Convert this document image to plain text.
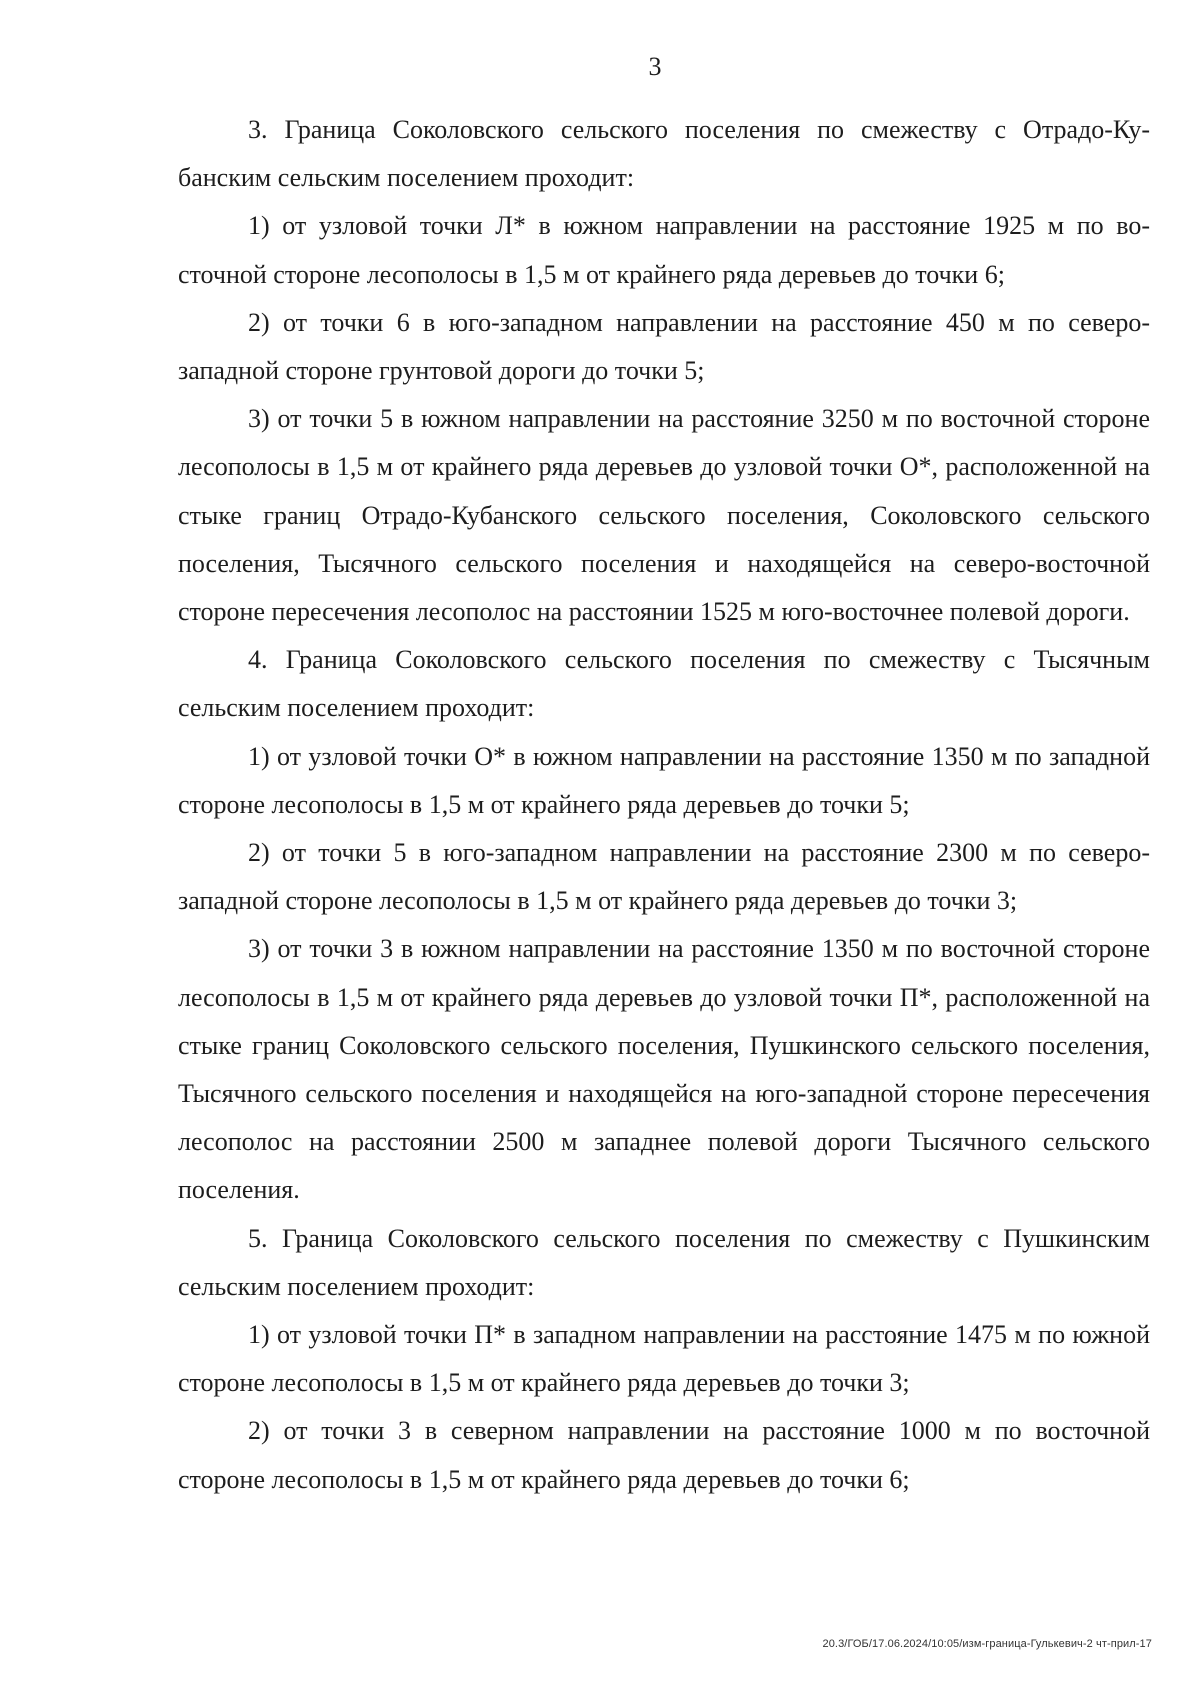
3

3. Граница Соколовского сельского поселения по смежеству с Отрадо-Кубанским сельским поселением проходит:

1) от узловой точки Л* в южном направлении на расстояние 1925 м по восточной стороне лесополосы в 1,5 м от крайнего ряда деревьев до точки 6;

2) от точки 6 в юго-западном направлении на расстояние 450 м по северо-западной стороне грунтовой дороги до точки 5;

3) от точки 5 в южном направлении на расстояние 3250 м по восточной стороне лесополосы в 1,5 м от крайнего ряда деревьев до узловой точки О*, расположенной на стыке границ Отрадо-Кубанского сельского поселения, Соколовского сельского поселения, Тысячного сельского поселения и находящейся на северо-восточной стороне пересечения лесополос на расстоянии 1525 м юго-восточнее полевой дороги.

4. Граница Соколовского сельского поселения по смежеству с Тысячным сельским поселением проходит:

1) от узловой точки О* в южном направлении на расстояние 1350 м по западной стороне лесополосы в 1,5 м от крайнего ряда деревьев до точки 5;

2) от точки 5 в юго-западном направлении на расстояние 2300 м по северо-западной стороне лесополосы в 1,5 м от крайнего ряда деревьев до точки 3;

3) от точки 3 в южном направлении на расстояние 1350 м по восточной стороне лесополосы в 1,5 м от крайнего ряда деревьев до узловой точки П*, расположенной на стыке границ Соколовского сельского поселения, Пушкинского сельского поселения, Тысячного сельского поселения и находящейся на юго-западной стороне пересечения лесополос на расстоянии 2500 м западнее полевой дороги Тысячного сельского поселения.

5. Граница Соколовского сельского поселения по смежеству с Пушкинским сельским поселением проходит:

1) от узловой точки П* в западном направлении на расстояние 1475 м по южной стороне лесополосы в 1,5 м от крайнего ряда деревьев до точки 3;

2) от точки 3 в северном направлении на расстояние 1000 м по восточной стороне лесополосы в 1,5 м от крайнего ряда деревьев до точки 6;

20.3/ГОБ/17.06.2024/10:05/изм-граница-Гулькевич-2 чт-прил-17
